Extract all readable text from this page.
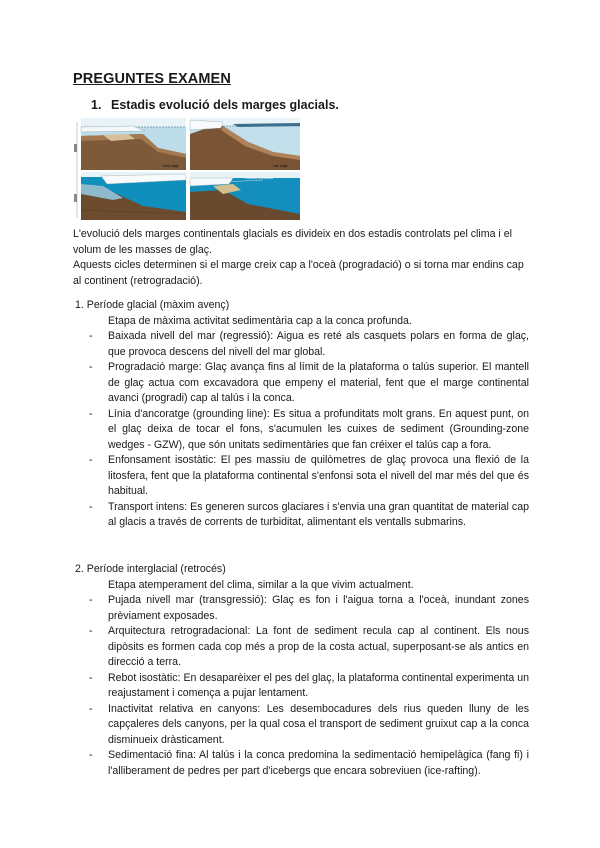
PREGUNTES EXAMEN
1. Estadis evolució dels marges glacials.
Early stage	Late stage
Grounding zone wedges

L'evolució dels marges continentals glacials es divideix en dos estadis controlats pel clima i el volum de les masses de glaç.

Aquests cicles determinen si el marge creix cap a l'oceà (progradació) o si torna mar endins cap al continent (retrogradació).

1. Període glacial (màxim avenç)

Etapa de màxima activitat sedimentària cap a la conca profunda.

- Baixada nivell del mar (regressió): Aigua es reté als casquets polars en forma de glaç, que provoca descens del nivell del mar global.
- Progradació marge: Glaç avança fins al límit de la plataforma o talús superior. El mantell de glaç actua com excavadora que empeny el material, fent que el marge continental avanci (progradi) cap al talús i la conca.
- Línia d'ancoratge (grounding line): Es situa a profunditats molt grans. En aquest punt, on el glaç deixa de tocar el fons, s'acumulen les cuixes de sediment (Grounding-zone wedges - GZW), que són unitats sedimentàries que fan créixer el talús cap a fora.
- Enfonsament isostàtic: El pes massiu de quilòmetres de glaç provoca una flexió de la litosfera, fent que la plataforma continental s'enfonsi sota el nivell del mar més del que és habitual.
- Transport intens: Es generen surcos glaciares i s'envia una gran quantitat de material cap al glacis a través de corrents de turbiditat, alimentant els ventalls submarins.

2. Període interglacial (retrocés)

Etapa atemperament del clima, similar a la que vivim actualment.

- Pujada nivell mar (transgressió): Glaç es fon i l'aigua torna a l'oceà, inundant zones prèviament exposades.
- Arquitectura retrogradacional: La font de sediment recula cap al continent. Els nous dipòsits es formen cada cop més a prop de la costa actual, superposant-se als antics en direcció a terra.
- Rebot isostàtic: En desaparèixer el pes del glaç, la plataforma continental experimenta un reajustament i comença a pujar lentament.
- Inactivitat relativa en canyons: Les desembocadures dels rius queden lluny de les capçaleres dels canyons, per la qual cosa el transport de sediment gruixut cap a la conca disminueix dràsticament.
- Sedimentació fina: Al talús i la conca predomina la sedimentació hemipelàgica (fang fi) i l'alliberament de pedres per part d'icebergs que encara sobreviuen (ice-rafting).
